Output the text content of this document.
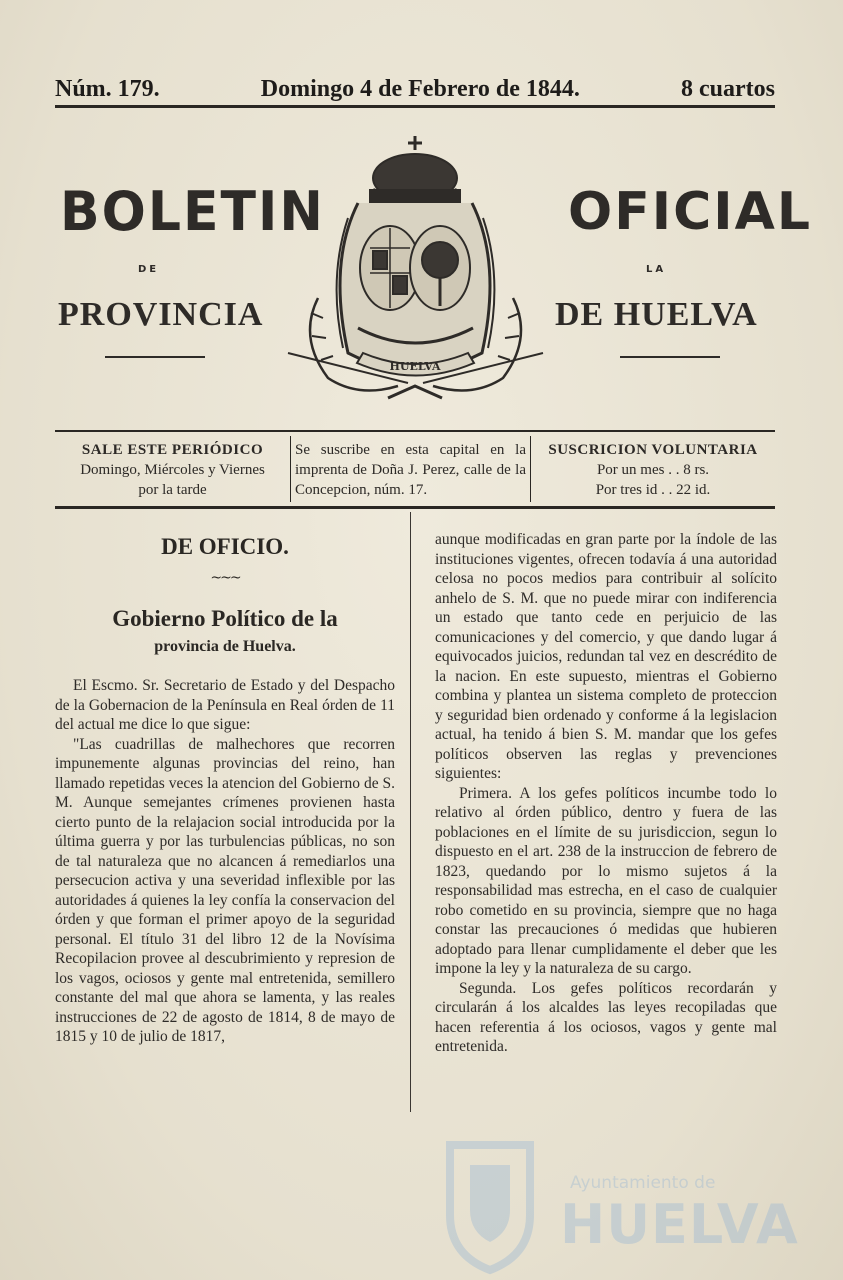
Núm. 179.	Domingo 4 de Febrero de 1844.	8 cuartos
BOLETIN	OFICIAL
DE	LA
PROVINCIA	DE HUELVA
HUELVA
SALE ESTE PERIÓDICO
Domingo, Miércoles y Viernes
por la tarde
Se suscribe en esta capital en la imprenta de Doña J. Perez, calle de la Concepcion, núm. 17.
SUSCRICION VOLUNTARIA
Por un mes . . 8 rs.
Por tres id . . 22 id.
DE OFICIO.
~~~
Gobierno Político de la
provincia de Huelva.

El Escmo. Sr. Secretario de Estado y del Despacho de la Gobernacion de la Península en Real órden de 11 del actual me dice lo que sigue:

"Las cuadrillas de malhechores que recorren impunemente algunas provincias del reino, han llamado repetidas veces la atencion del Gobierno de S. M. Aunque semejantes crímenes provienen hasta cierto punto de la relajacion social introducida por la última guerra y por las turbulencias públicas, no son de tal naturaleza que no alcancen á remediarlos una persecucion activa y una severidad inflexible por las autoridades á quienes la ley confía la conservacion del órden y que forman el primer apoyo de la seguridad personal. El título 31 del libro 12 de la Novísima Recopilacion provee al descubrimiento y represion de los vagos, ociosos y gente mal entretenida, semillero constante del mal que ahora se lamenta, y las reales instrucciones de 22 de agosto de 1814, 8 de mayo de 1815 y 10 de julio de 1817,

aunque modificadas en gran parte por la índole de las instituciones vigentes, ofrecen todavía á una autoridad celosa no pocos medios para contribuir al solícito anhelo de S. M. que no puede mirar con indiferencia un estado que tanto cede en perjuicio de las comunicaciones y del comercio, y que dando lugar á equivocados juicios, redundan tal vez en descrédito de la nacion. En este supuesto, mientras el Gobierno combina y plantea un sistema completo de proteccion y seguridad bien ordenado y conforme á la legislacion actual, ha tenido á bien S. M. mandar que los gefes políticos observen las reglas y prevenciones siguientes:

Primera. A los gefes políticos incumbe todo lo relativo al órden público, dentro y fuera de las poblaciones en el límite de su jurisdiccion, segun lo dispuesto en el art. 238 de la instruccion de febrero de 1823, quedando por lo mismo sujetos á la responsabilidad mas estrecha, en el caso de cualquier robo cometido en su provincia, siempre que no haga constar las precauciones ó medidas que hubieren adoptado para llenar cumplidamente el deber que les impone la ley y la naturaleza de su cargo.

Segunda. Los gefes políticos recordarán y circularán á los alcaldes las leyes recopiladas que hacen referentia á los ociosos, vagos y gente mal entretenida.

Ayuntamiento de
HUELVA
